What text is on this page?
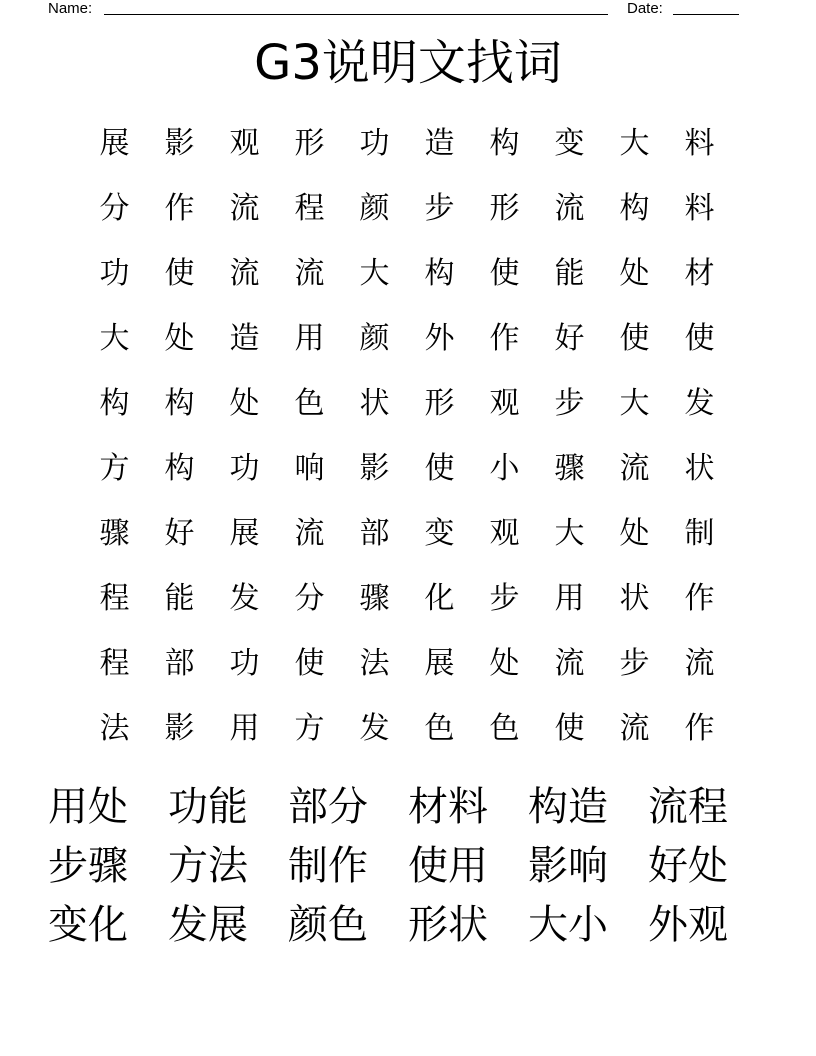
Name:	Date:
G3说明文找词
展	影	观	形	功	造	构	变	大	料
分	作	流	程	颜	步	形	流	构	料
功	使	流	流	大	构	使	能	处	材
大	处	造	用	颜	外	作	好	使	使
构	构	处	色	状	形	观	步	大	发
方	构	功	响	影	使	小	骤	流	状
骤	好	展	流	部	变	观	大	处	制
程	能	发	分	骤	化	步	用	状	作
程	部	功	使	法	展	处	流	步	流
法	影	用	方	发	色	色	使	流	作
用处	功能	部分	材料	构造	流程
步骤	方法	制作	使用	影响	好处
变化	发展	颜色	形状	大小	外观
